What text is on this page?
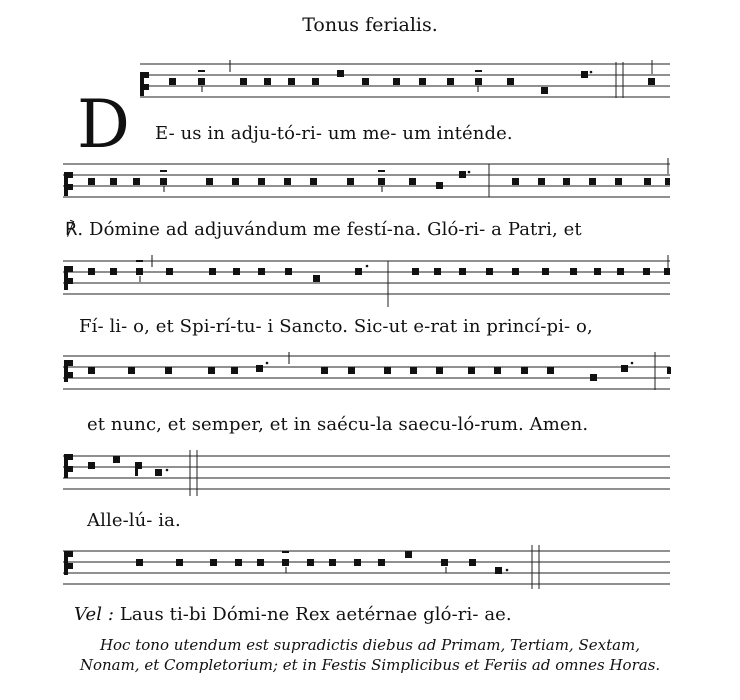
Tonus ferialis.
D E- us in adju-tó-ri- um me- um inténde.
℟. Dómine ad adjuvándum me festí-na. Gló-ri- a Patri, et
Fí- li- o, et Spi-rí-tu- i Sancto. Sic-ut e-rat in princí-pi- o,
et nunc, et semper, et in saécu-la saecu-ló-rum. Amen.
Alle-lú- ia.
Vel : Laus ti-bi Dómi-ne Rex aetérnae gló-ri- ae.
Hoc tono utendum est supradictis diebus ad Primam, Tertiam, Sextam,
Nonam, et Completorium; et in Festis Simplicibus et Feriis ad omnes Horas.
